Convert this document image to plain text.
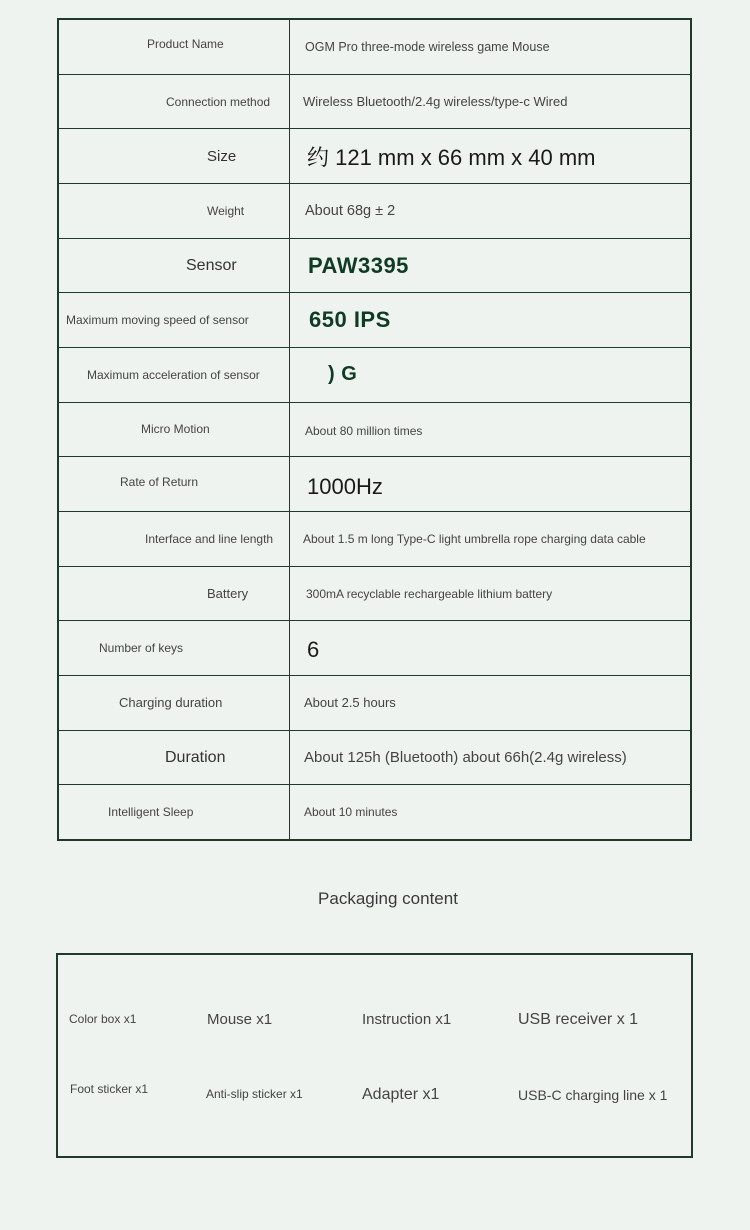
Product Name	OGM Pro three-mode wireless game Mouse
Connection method	Wireless Bluetooth/2.4g wireless/type-c Wired
Size	约 121 mm x 66 mm x 40 mm
Weight	About 68g ± 2
Sensor	PAW3395
Maximum moving speed of sensor	650 IPS
Maximum acceleration of sensor	) G
Micro Motion	About 80 million times
Rate of Return	1000Hz
Interface and line length	About 1.5 m long Type-C light umbrella rope charging data cable
Battery	300mA recyclable rechargeable lithium battery
Number of keys	6
Charging duration	About 2.5 hours
Duration	About 125h (Bluetooth) about 66h(2.4g wireless)
Intelligent Sleep	About 10 minutes
Packaging content
Color box x1	Mouse x1	Instruction x1	USB receiver x 1
Foot sticker x1	Anti-slip sticker x1	Adapter x1	USB-C charging line x 1
